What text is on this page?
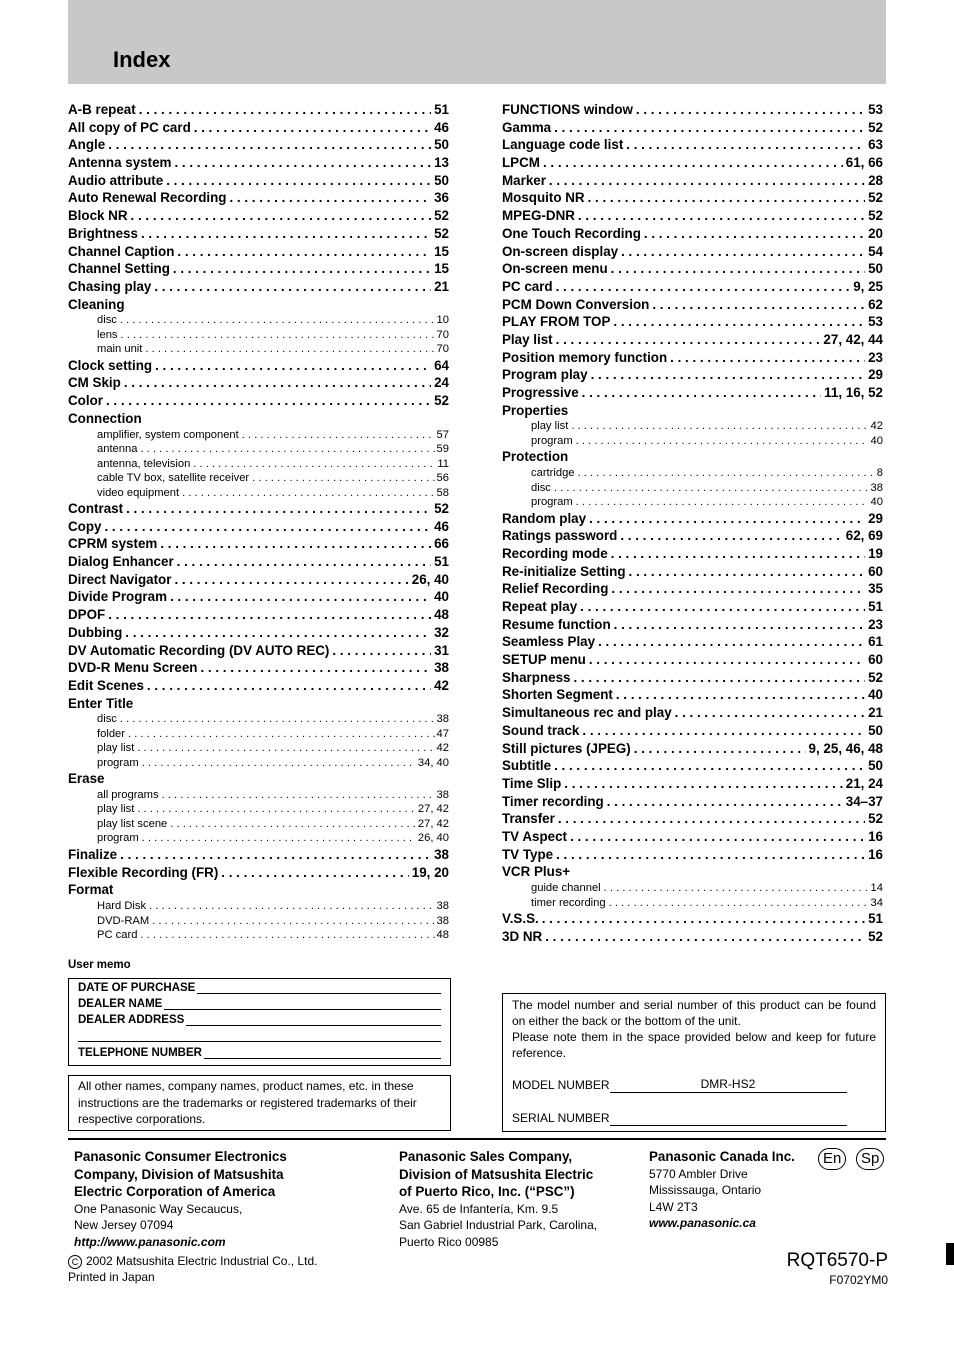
Index
A-B repeat . . .	51
All copy of PC card . . .	46
Angle . . .	50
Antenna system . . .	13
Audio attribute . . .	50
Auto Renewal Recording . . .	36
Block NR . . .	52
Brightness . . .	52
Channel Caption . . .	15
Channel Setting . . .	15
Chasing play . . .	21
Cleaning
disc . . .	10
lens . . .	70
main unit . . .	70
Clock setting . . .	64
CM Skip . . .	24
Color . . .	52
Connection
amplifier, system component . . .	57
antenna . . .	59
antenna, television . . .	11
cable TV box, satellite receiver . . .	56
video equipment . . .	58
Contrast . . .	52
Copy . . .	46
CPRM system . . .	66
Dialog Enhancer . . .	51
Direct Navigator . . .	26, 40
Divide Program . . .	40
DPOF . . .	48
Dubbing . . .	32
DV Automatic Recording (DV AUTO REC) . . .	31
DVD-R Menu Screen . . .	38
Edit Scenes . . .	42
Enter Title
disc . . .	38
folder . . .	47
play list . . .	42
program . . .	34, 40
Erase
all programs . . .	38
play list . . .	27, 42
play list scene . . .	27, 42
program . . .	26, 40
Finalize . . .	38
Flexible Recording (FR) . . .	19, 20
Format
Hard Disk . . .	38
DVD-RAM . . .	38
PC card . . .	48
FUNCTIONS window . . .	53
Gamma . . .	52
Language code list . . .	63
LPCM . . .	61, 66
Marker . . .	28
Mosquito NR . . .	52
MPEG-DNR . . .	52
One Touch Recording . . .	20
On-screen display . . .	54
On-screen menu . . .	50
PC card . . .	9, 25
PCM Down Conversion . . .	62
PLAY FROM TOP . . .	53
Play list . . .	27, 42, 44
Position memory function . . .	23
Program play . . .	29
Progressive . . .	11, 16, 52
Properties
play list . . .	42
program . . .	40
Protection
cartridge . . .	8
disc . . .	38
program . . .	40
Random play . . .	29
Ratings password . . .	62, 69
Recording mode . . .	19
Re-initialize Setting . . .	60
Relief Recording . . .	35
Repeat play . . .	51
Resume function . . .	23
Seamless Play . . .	61
SETUP menu . . .	60
Sharpness . . .	52
Shorten Segment . . .	40
Simultaneous rec and play . . .	21
Sound track . . .	50
Still pictures (JPEG) . . .	9, 25, 46, 48
Subtitle . . .	50
Time Slip . . .	21, 24
Timer recording . . .	34–37
Transfer . . .	52
TV Aspect . . .	16
TV Type . . .	16
VCR Plus+
guide channel . . .	14
timer recording . . .	34
V.S.S. . . .	51
3D NR . . .	52
User memo
DATE OF PURCHASE
DEALER NAME
DEALER ADDRESS
TELEPHONE NUMBER
All other names, company names, product names, etc. in these instructions are the trademarks or registered trademarks of their respective corporations.
The model number and serial number of this product can be found on either the back or the bottom of the unit.
Please note them in the space provided below and keep for future reference.
MODEL NUMBER	DMR-HS2
SERIAL NUMBER
Panasonic Consumer Electronics
Company, Division of Matsushita
Electric Corporation of America
One Panasonic Way Secaucus,
New Jersey 07094
http://www.panasonic.com
Panasonic Sales Company,
Division of Matsushita Electric
of Puerto Rico, Inc. (“PSC”)
Ave. 65 de Infantería, Km. 9.5
San Gabriel Industrial Park, Carolina,
Puerto Rico 00985
Panasonic Canada Inc.
5770 Ambler Drive
Mississauga, Ontario
L4W 2T3
www.panasonic.ca
En	Sp
C 2002 Matsushita Electric Industrial Co., Ltd.
Printed in Japan
RQT6570-P
F0702YM0
